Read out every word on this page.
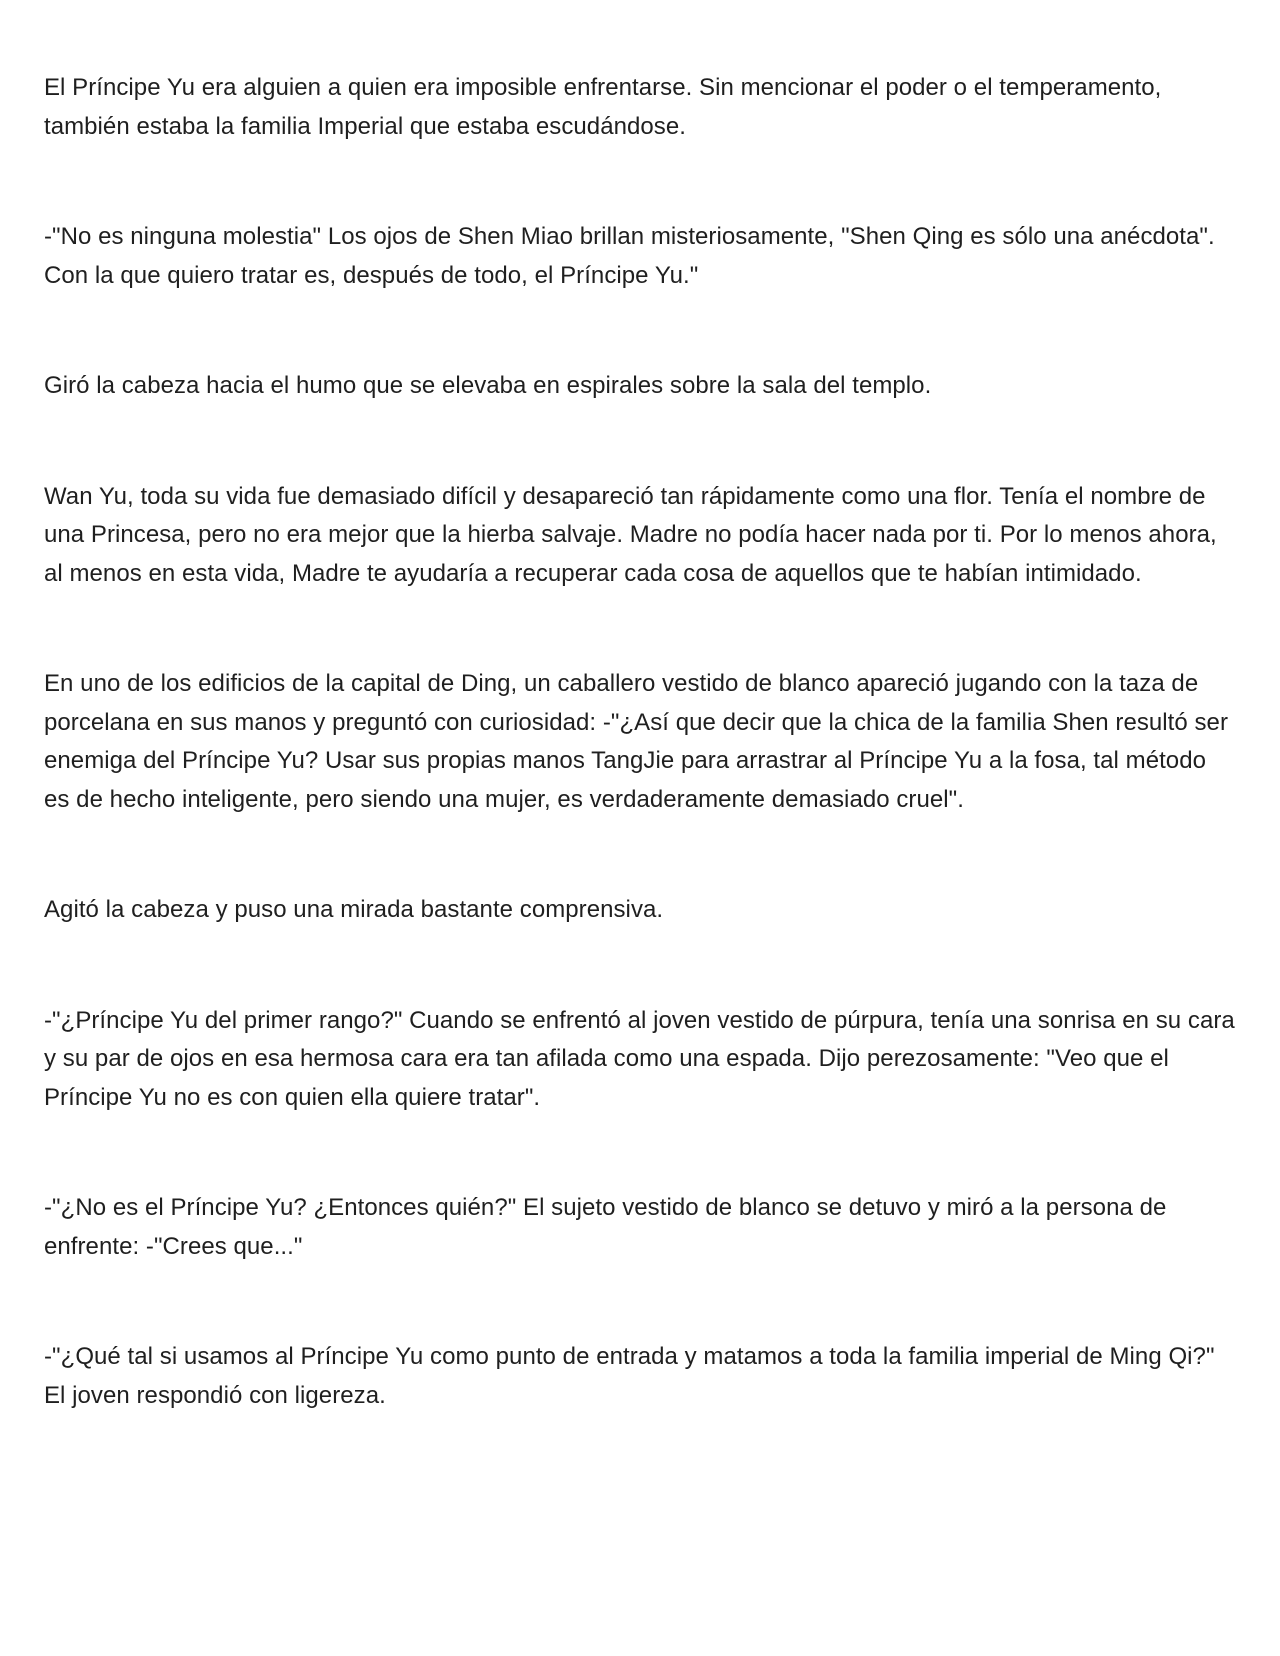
El Príncipe Yu era alguien a quien era imposible enfrentarse. Sin mencionar el poder o el temperamento, también estaba la familia Imperial que estaba escudándose.

-"No es ninguna molestia" Los ojos de Shen Miao brillan misteriosamente, "Shen Qing es sólo una anécdota". Con la que quiero tratar es, después de todo, el Príncipe Yu."

Giró la cabeza hacia el humo que se elevaba en espirales sobre la sala del templo.

Wan Yu, toda su vida fue demasiado difícil y desapareció tan rápidamente como una flor. Tenía el nombre de una Princesa, pero no era mejor que la hierba salvaje. Madre no podía hacer nada por ti. Por lo menos ahora, al menos en esta vida, Madre te ayudaría a recuperar cada cosa de aquellos que te habían intimidado.

En uno de los edificios de la capital de Ding, un caballero vestido de blanco apareció jugando con la taza de porcelana en sus manos y preguntó con curiosidad: -"¿Así que decir que la chica de la familia Shen resultó ser enemiga del Príncipe Yu? Usar sus propias manos TangJie para arrastrar al Príncipe Yu a la fosa, tal método es de hecho inteligente, pero siendo una mujer, es verdaderamente demasiado cruel".

Agitó la cabeza y puso una mirada bastante comprensiva.

-"¿Príncipe Yu del primer rango?" Cuando se enfrentó al joven vestido de púrpura, tenía una sonrisa en su cara y su par de ojos en esa hermosa cara era tan afilada como una espada. Dijo perezosamente: "Veo que el Príncipe Yu no es con quien ella quiere tratar".

-"¿No es el Príncipe Yu? ¿Entonces quién?" El sujeto vestido de blanco se detuvo y miró a la persona de enfrente: -"Crees que..."

-"¿Qué tal si usamos al Príncipe Yu como punto de entrada y matamos a toda la familia imperial de Ming Qi?" El joven respondió con ligereza.
